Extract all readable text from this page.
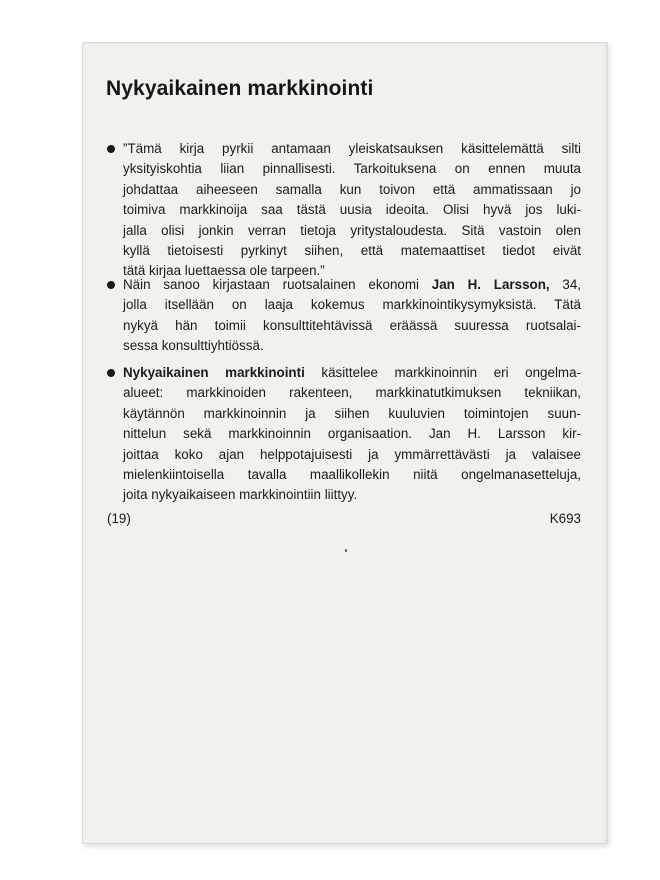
Nykyaikainen markkinointi
”Tämä kirja pyrkii antamaan yleiskatsauksen käsittelemättä silti
yksityiskohtia liian pinnallisesti. Tarkoituksena on ennen muuta
johdattaa aiheeseen samalla kun toivon että ammatissaan jo
toimiva markkinoija saa tästä uusia ideoita. Olisi hyvä jos luki-
jalla olisi jonkin verran tietoja yritystaloudesta. Sitä vastoin olen
kyllä tietoisesti pyrkinyt siihen, että matemaattiset tiedot eivät
tätä kirjaa luettaessa ole tarpeen.”
Näin sanoo kirjastaan ruotsalainen ekonomi Jan H. Larsson, 34,
jolla itsellään on laaja kokemus markkinointikysymyksistä. Tätä
nykyä hän toimii konsulttitehtävissä eräässä suuressa ruotsalai-
sessa konsulttiyhtiössä.
Nykyaikainen markkinointi käsittelee markkinoinnin eri ongelma-
alueet: markkinoiden rakenteen, markkinatutkimuksen tekniikan,
käytännön markkinoinnin ja siihen kuuluvien toimintojen suun-
nittelun sekä markkinoinnin organisaation. Jan H. Larsson kir-
joittaa koko ajan helppotajuisesti ja ymmärrettävästi ja valaisee
mielenkiintoisella tavalla maallikollekin niitä ongelmanasetteluja,
joita nykyaikaiseen markkinointiin liittyy.
(19)	K693
